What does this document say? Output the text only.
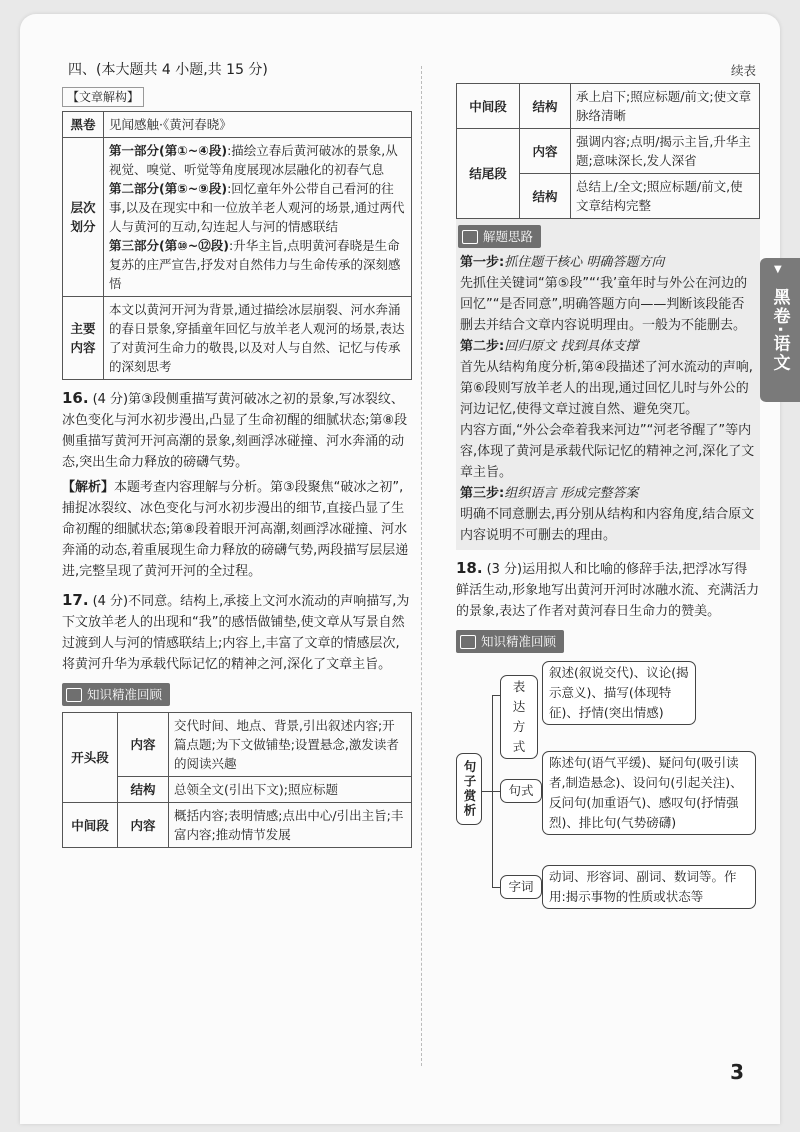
四、(本大题共 4 小题,共 15 分)
【文章解构】
黑卷	见闻感触·《黄河春晓》
层次划分	第一部分(第①~④段):描绘立春后黄河破冰的景象,从视觉、嗅觉、听觉等角度展现冰层融化的初春气息
第二部分(第⑤~⑨段):回忆童年外公带自己看河的往事,以及在现实中和一位放羊老人观河的场景,通过两代人与黄河的互动,勾连起人与河的情感联结
第三部分(第⑩~⑫段):升华主旨,点明黄河春晓是生命复苏的庄严宣告,抒发对自然伟力与生命传承的深刻感悟

主要内容	本文以黄河开河为背景,通过描绘冰层崩裂、河水奔涌的春日景象,穿插童年回忆与放羊老人观河的场景,表达了对黄河生命力的敬畏,以及对人与自然、记忆与传承的深刻思考
16. (4 分)第③段侧重描写黄河破冰之初的景象,写冰裂纹、冰色变化与河水初步漫出,凸显了生命初醒的细腻状态;第⑧段侧重描写黄河开河高潮的景象,刻画浮冰碰撞、河水奔涌的动态,突出生命力释放的磅礴气势。
【解析】本题考查内容理解与分析。第③段聚焦“破冰之初”,捕捉冰裂纹、冰色变化与河水初步漫出的细节,直接凸显了生命初醒的细腻状态;第⑧段着眼开河高潮,刻画浮冰碰撞、河水奔涌的动态,着重展现生命力释放的磅礴气势,两段描写层层递进,完整呈现了黄河开河的全过程。
17. (4 分)不同意。结构上,承接上文河水流动的声响描写,为下文放羊老人的出现和“我”的感悟做铺垫,使文章从写景自然过渡到人与河的情感联结上;内容上,丰富了文章的情感层次,将黄河升华为承载代际记忆的精神之河,深化了文章主旨。
知识精准回顾
开头段	内容	交代时间、地点、背景,引出叙述内容;开篇点题;为下文做铺垫;设置悬念,激发读者的阅读兴趣
	结构	总领全文(引出下文);照应标题
中间段	内容	概括内容;表明情感;点出中心/引出主旨;丰富内容;推动情节发展
续表
中间段	结构	承上启下;照应标题/前文;使文章脉络清晰
结尾段	内容	强调内容;点明/揭示主旨,升华主题;意味深长,发人深省
	结构	总结上/全文;照应标题/前文,使文章结构完整
解题思路
第一步:抓住题干核心 明确答题方向
先抓住关键词“第⑤段”“‘我’童年时与外公在河边的回忆”“是否同意”,明确答题方向——判断该段能否删去并结合文章内容说明理由。一般为不能删去。
第二步:回归原文 找到具体支撑
首先从结构角度分析,第④段描述了河水流动的声响,第⑥段则写放羊老人的出现,通过回忆儿时与外公的河边记忆,使得文章过渡自然、避免突兀。
内容方面,“外公会牵着我来河边”“河老爷醒了”等内容,体现了黄河是承载代际记忆的精神之河,深化了文章主旨。
第三步:组织语言 形成完整答案
明确不同意删去,再分别从结构和内容角度,结合原文内容说明不可删去的理由。
18. (3 分)运用拟人和比喻的修辞手法,把浮冰写得鲜活生动,形象地写出黄河开河时冰融水流、充满活力的景象,表达了作者对黄河春日生命力的赞美。
知识精准回顾
句子赏析
表达方式
句式
字词
叙述(叙说交代)、议论(揭示意义)、描写(体现特征)、抒情(突出情感)
陈述句(语气平缓)、疑问句(吸引读者,制造悬念)、设问句(引起关注)、反问句(加重语气)、感叹句(抒情强烈)、排比句(气势磅礴)
动词、形容词、副词、数词等。作用:揭示事物的性质或状态等
3
▼
黑卷·语文
